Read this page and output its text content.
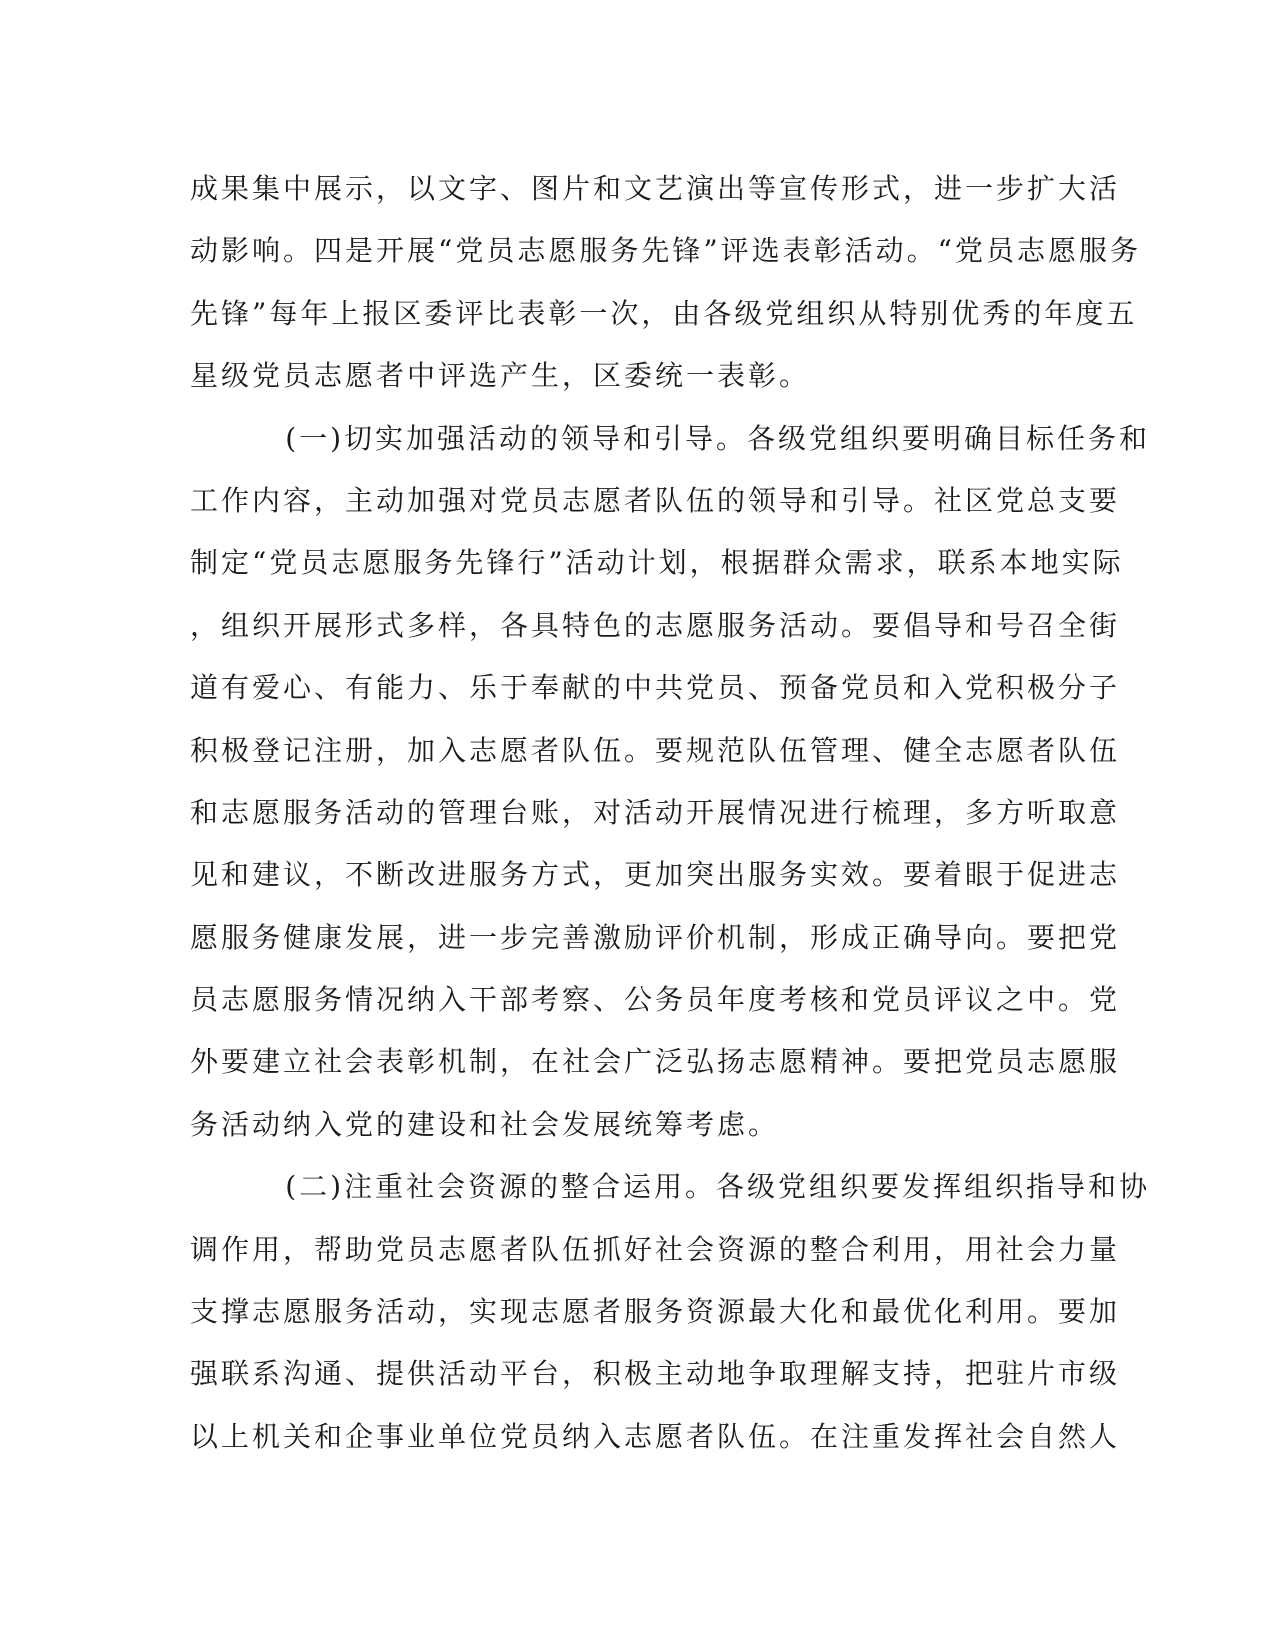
成果集中展示，以文字、图片和文艺演出等宣传形式，进一步扩大活
动影响。四是开展“党员志愿服务先锋”评选表彰活动。“党员志愿服务
先锋”每年上报区委评比表彰一次，由各级党组织从特别优秀的年度五
星级党员志愿者中评选产生，区委统一表彰。
(一)切实加强活动的领导和引导。各级党组织要明确目标任务和
工作内容，主动加强对党员志愿者队伍的领导和引导。社区党总支要
制定“党员志愿服务先锋行”活动计划，根据群众需求，联系本地实际
，组织开展形式多样，各具特色的志愿服务活动。要倡导和号召全街
道有爱心、有能力、乐于奉献的中共党员、预备党员和入党积极分子
积极登记注册，加入志愿者队伍。要规范队伍管理、健全志愿者队伍
和志愿服务活动的管理台账，对活动开展情况进行梳理，多方听取意
见和建议，不断改进服务方式，更加突出服务实效。要着眼于促进志
愿服务健康发展，进一步完善激励评价机制，形成正确导向。要把党
员志愿服务情况纳入干部考察、公务员年度考核和党员评议之中。党
外要建立社会表彰机制，在社会广泛弘扬志愿精神。要把党员志愿服
务活动纳入党的建设和社会发展统筹考虑。
(二)注重社会资源的整合运用。各级党组织要发挥组织指导和协
调作用，帮助党员志愿者队伍抓好社会资源的整合利用，用社会力量
支撑志愿服务活动，实现志愿者服务资源最大化和最优化利用。要加
强联系沟通、提供活动平台，积极主动地争取理解支持，把驻片市级
以上机关和企事业单位党员纳入志愿者队伍。在注重发挥社会自然人
